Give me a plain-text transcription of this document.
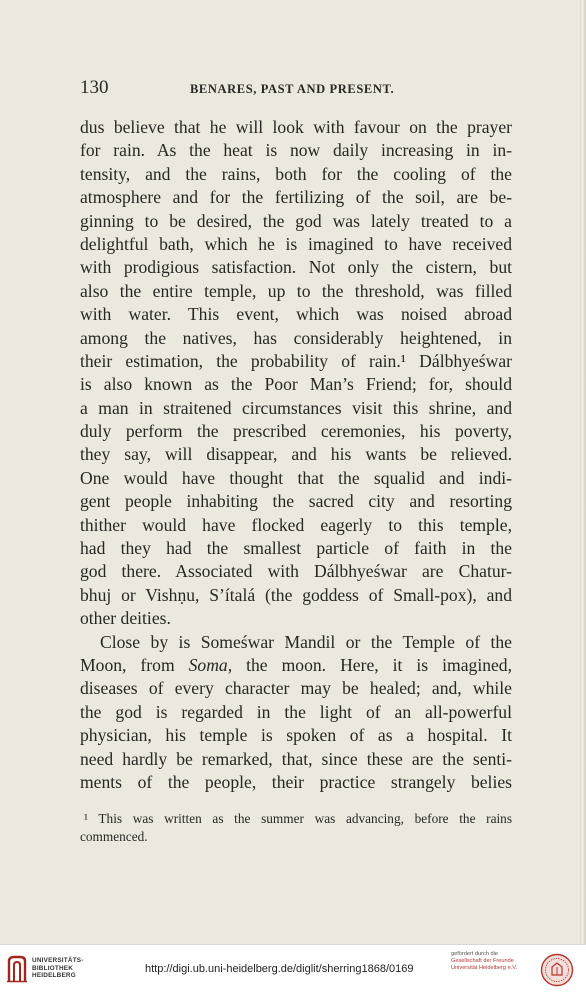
130	BENARES, PAST AND PRESENT.
dus believe that he will look with favour on the prayer
for rain. As the heat is now daily increasing in in-
tensity, and the rains, both for the cooling of the
atmosphere and for the fertilizing of the soil, are be-
ginning to be desired, the god was lately treated to a
delightful bath, which he is imagined to have received
with prodigious satisfaction. Not only the cistern, but
also the entire temple, up to the threshold, was filled
with water. This event, which was noised abroad
among the natives, has considerably heightened, in
their estimation, the probability of rain.¹ Dálbhyeśwar
is also known as the Poor Man’s Friend; for, should
a man in straitened circumstances visit this shrine, and
duly perform the prescribed ceremonies, his poverty,
they say, will disappear, and his wants be relieved.
One would have thought that the squalid and indi-
gent people inhabiting the sacred city and resorting
thither would have flocked eagerly to this temple,
had they had the smallest particle of faith in the
god there. Associated with Dálbhyeśwar are Chatur-
bhuj or Vishṇu, S’ítalá (the goddess of Small-pox), and
other deities.
Close by is Someśwar Mandil or the Temple of the
Moon, from Soma, the moon. Here, it is imagined,
diseases of every character may be healed; and, while
the god is regarded in the light of an all-powerful
physician, his temple is spoken of as a hospital. It
need hardly be remarked, that, since these are the senti-
ments of the people, their practice strangely belies
¹ This was written as the summer was advancing, before the rains
commenced.
UNIVERSITÄTS-
BIBLIOTHEK
HEIDELBERG
http://digi.ub.uni-heidelberg.de/diglit/sherring1868/0169
gefördert durch die
Gesellschaft der Freunde
Universität Heidelberg e.V.
